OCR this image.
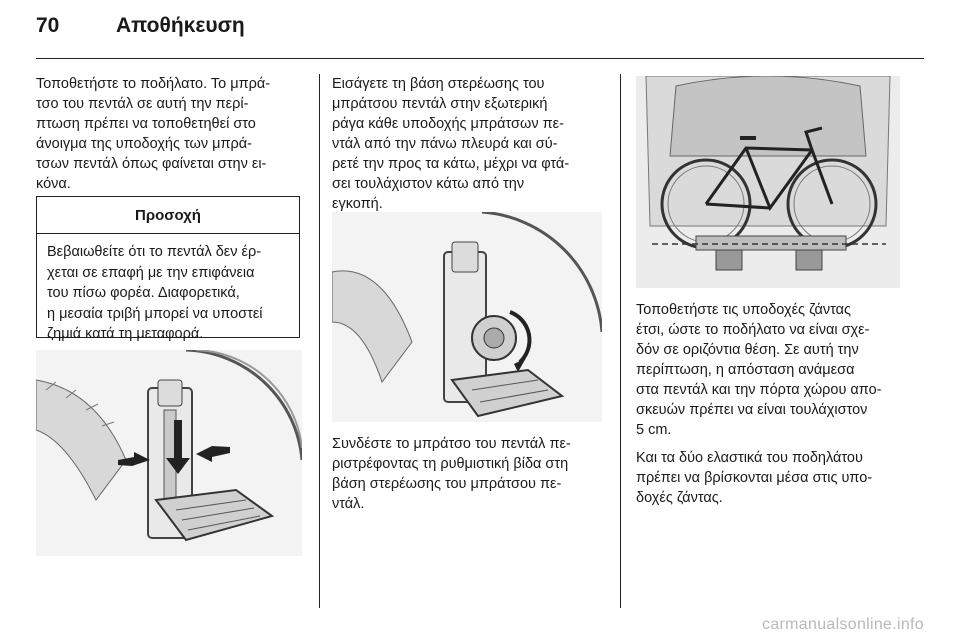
70	Αποθήκευση

Τοποθετήστε το ποδήλατο. Το μπρά-
τσο του πεντάλ σε αυτή την περί-
πτωση πρέπει να τοποθετηθεί στο
άνοιγμα της υποδοχής των μπρά-
τσων πεντάλ όπως φαίνεται στην ει-
κόνα.

Προσοχή
Βεβαιωθείτε ότι το πεντάλ δεν έρ-
χεται σε επαφή με την επιφάνεια
του πίσω φορέα. Διαφορετικά,
η μεσαία τριβή μπορεί να υποστεί
ζημιά κατά τη μεταφορά.

Εισάγετε τη βάση στερέωσης του
μπράτσου πεντάλ στην εξωτερική
ράγα κάθε υποδοχής μπράτσων πε-
ντάλ από την πάνω πλευρά και σύ-
ρετέ την προς τα κάτω, μέχρι να φτά-
σει τουλάχιστον κάτω από την
εγκοπή.

Συνδέστε το μπράτσο του πεντάλ πε-
ριστρέφοντας τη ρυθμιστική βίδα στη
βάση στερέωσης του μπράτσου πε-
ντάλ.

Τοποθετήστε τις υποδοχές ζάντας
έτσι, ώστε το ποδήλατο να είναι σχε-
δόν σε οριζόντια θέση. Σε αυτή την
περίπτωση, η απόσταση ανάμεσα
στα πεντάλ και την πόρτα χώρου απο-
σκευών πρέπει να είναι τουλάχιστον
5 cm.

Και τα δύο ελαστικά του ποδηλάτου
πρέπει να βρίσκονται μέσα στις υπο-
δοχές ζάντας.

carmanualsonline.info
